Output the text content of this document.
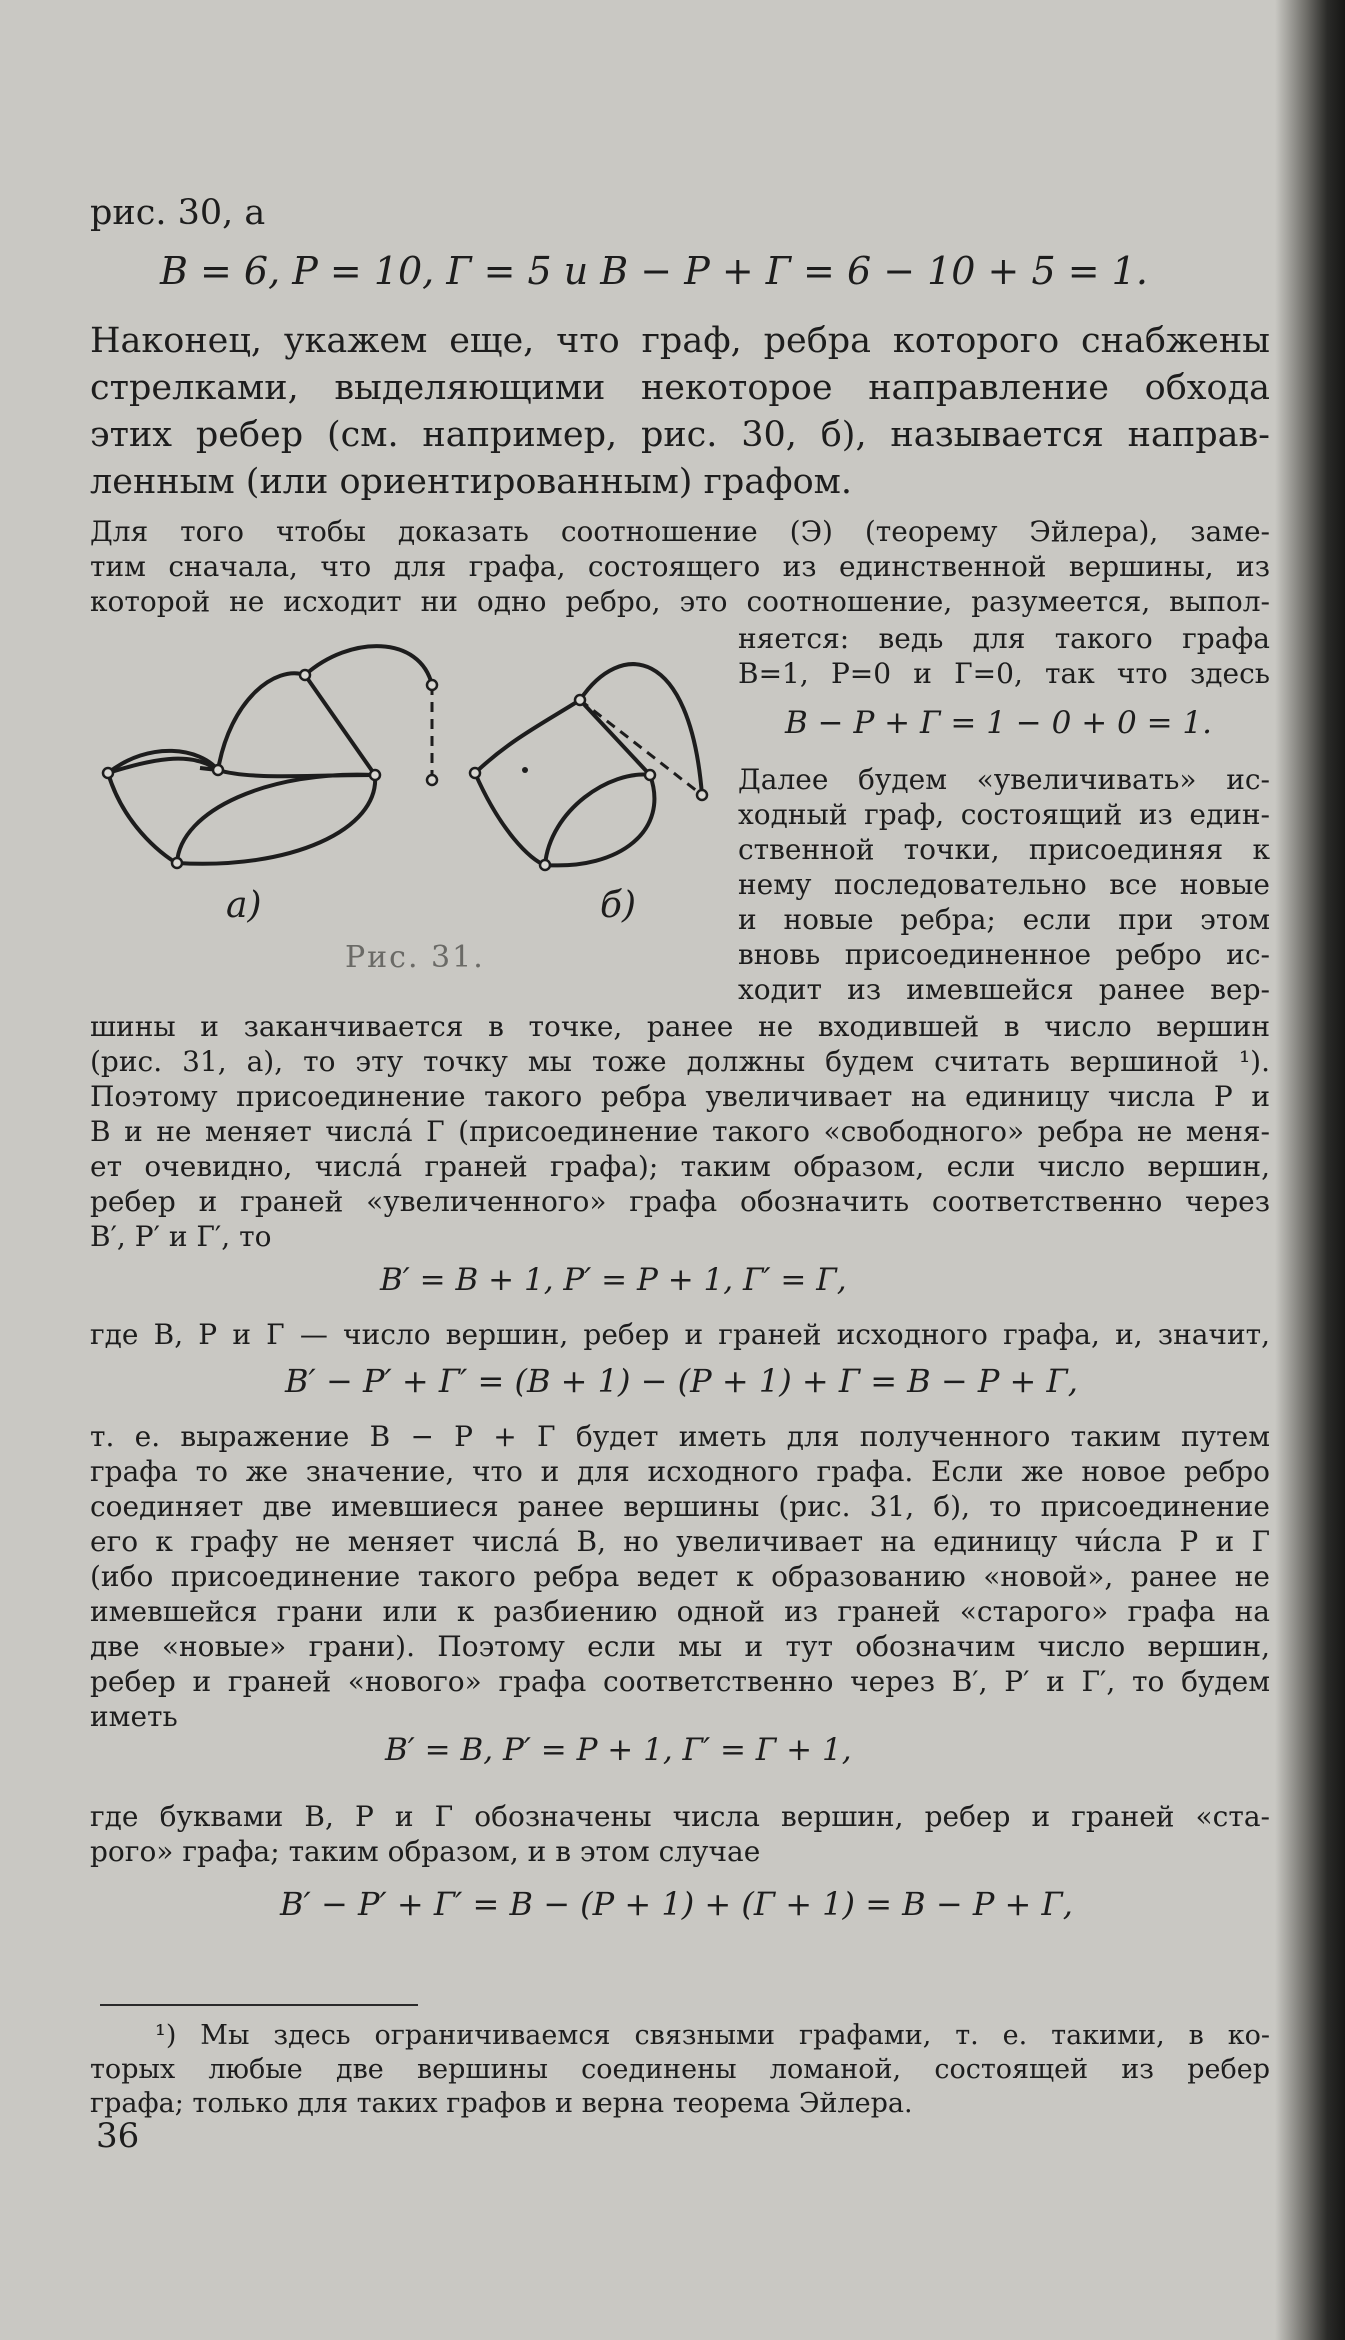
рис. 30, а
В = 6, Р = 10, Г = 5 и В − Р + Г = 6 − 10 + 5 = 1.
Наконец, укажем еще, что граф, ребра которого снабжены
стрелками, выделяющими некоторое направление обхода
этих ребер (см. например, рис. 30, б), называется направ-
ленным (или ориентированным) графом.
Для того чтобы доказать соотношение (Э) (теорему Эйлера), заме-
тим сначала, что для графа, состоящего из единственной вершины, из
которой не исходит ни одно ребро, это соотношение, разумеется, выпол-
а)	б)
Рис. 31.
няется: ведь для такого графа
В=1, Р=0 и Г=0, так что здесь
В − Р + Г = 1 − 0 + 0 = 1.
Далее будем «увеличивать» ис-
ходный граф, состоящий из един-
ственной точки, присоединяя к
нему последовательно все новые
и новые ребра; если при этом
вновь присоединенное ребро ис-
ходит из имевшейся ранее вер-
шины и заканчивается в точке, ранее не входившей в число вершин
(рис. 31, а), то эту точку мы тоже должны будем считать вершиной ¹).
Поэтому присоединение такого ребра увеличивает на единицу числа Р и
В и не меняет числа́ Г (присоединение такого «свободного» ребра не меня-
ет очевидно, числа́ граней графа); таким образом, если число вершин,
ребер и граней «увеличенного» графа обозначить соответственно через
В′, Р′ и Г′, то
В′ = В + 1, Р′ = Р + 1, Г′ = Г,
где В, Р и Г — число вершин, ребер и граней исходного графа, и, значит,
В′ − Р′ + Г′ = (В + 1) − (Р + 1) + Г = В − Р + Г,
т. е. выражение В − Р + Г будет иметь для полученного таким путем
графа то же значение, что и для исходного графа. Если же новое ребро
соединяет две имевшиеся ранее вершины (рис. 31, б), то присоединение
его к графу не меняет числа́ В, но увеличивает на единицу чи́сла Р и Г
(ибо присоединение такого ребра ведет к образованию «новой», ранее не
имевшейся грани или к разбиению одной из граней «старого» графа на
две «новые» грани). Поэтому если мы и тут обозначим число вершин,
ребер и граней «нового» графа соответственно через В′, Р′ и Г′, то будем
иметь
В′ = В, Р′ = Р + 1, Г′ = Г + 1,
где буквами В, Р и Г обозначены числа вершин, ребер и граней «ста-
рого» графа; таким образом, и в этом случае
В′ − Р′ + Г′ = В − (Р + 1) + (Г + 1) = В − Р + Г,
¹) Мы здесь ограничиваемся связными графами, т. е. такими, в ко-
торых любые две вершины соединены ломаной, состоящей из ребер
графа; только для таких графов и верна теорема Эйлера.
36
